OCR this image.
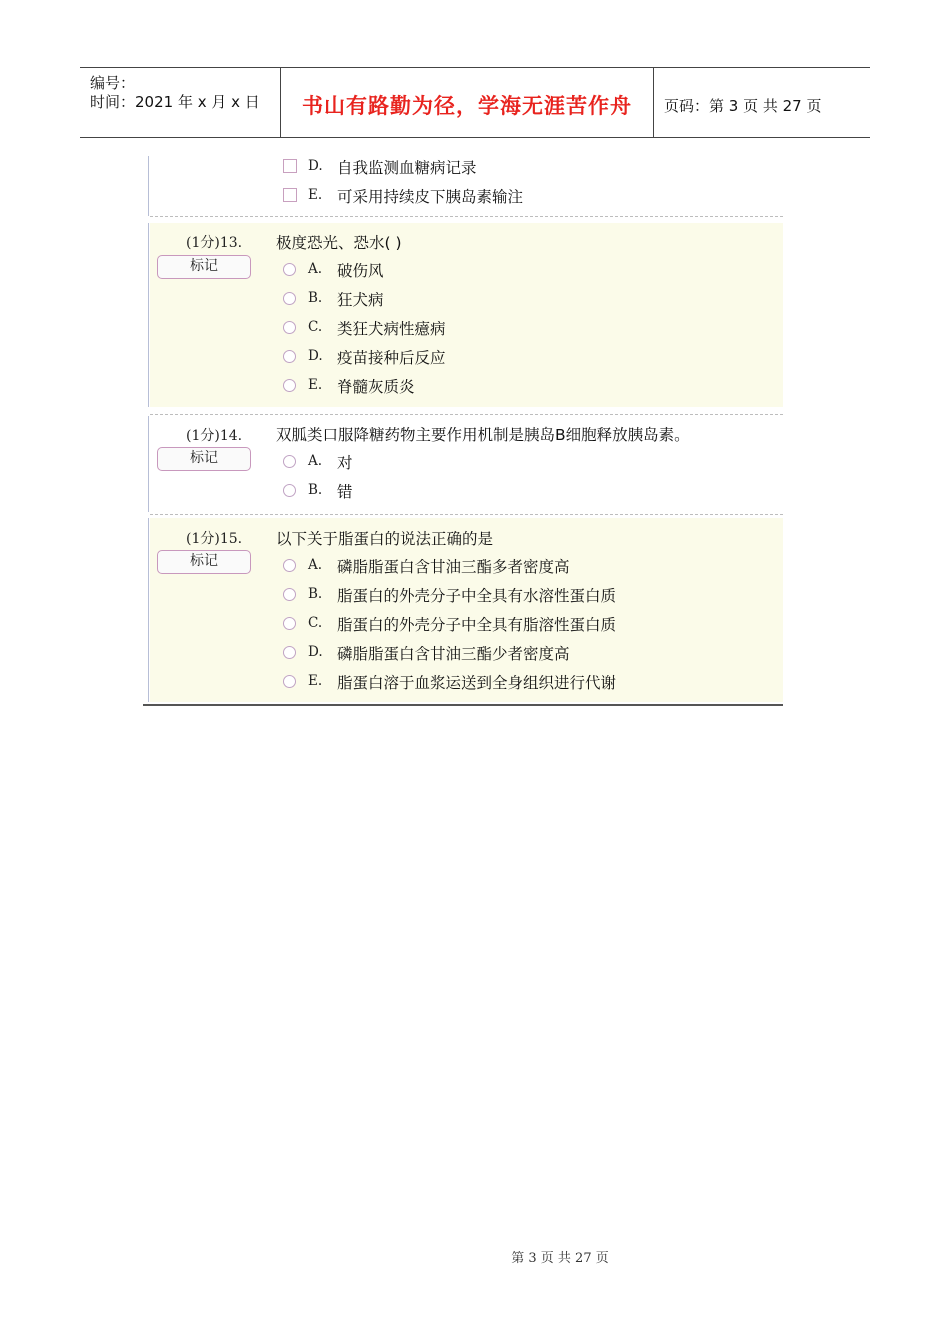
编号：
时间：2021 年 x 月 x 日	书山有路勤为径，学海无涯苦作舟	页码：第 3 页 共 27 页
D. 自我监测血糖病记录
E. 可采用持续皮下胰岛素输注
(1分)13. 极度恐光、恐水( )
标记	A. 破伤风
B. 狂犬病
C. 类狂犬病性癔病
D. 疫苗接种后反应
E. 脊髓灰质炎
(1分)14. 双胍类口服降糖药物主要作用机制是胰岛B细胞释放胰岛素。
标记	A. 对
B. 错
(1分)15. 以下关于脂蛋白的说法正确的是
标记	A. 磷脂脂蛋白含甘油三酯多者密度高
B. 脂蛋白的外壳分子中全具有水溶性蛋白质
C. 脂蛋白的外壳分子中全具有脂溶性蛋白质
D. 磷脂脂蛋白含甘油三酯少者密度高
E. 脂蛋白溶于血浆运送到全身组织进行代谢
第 3 页 共 27 页
